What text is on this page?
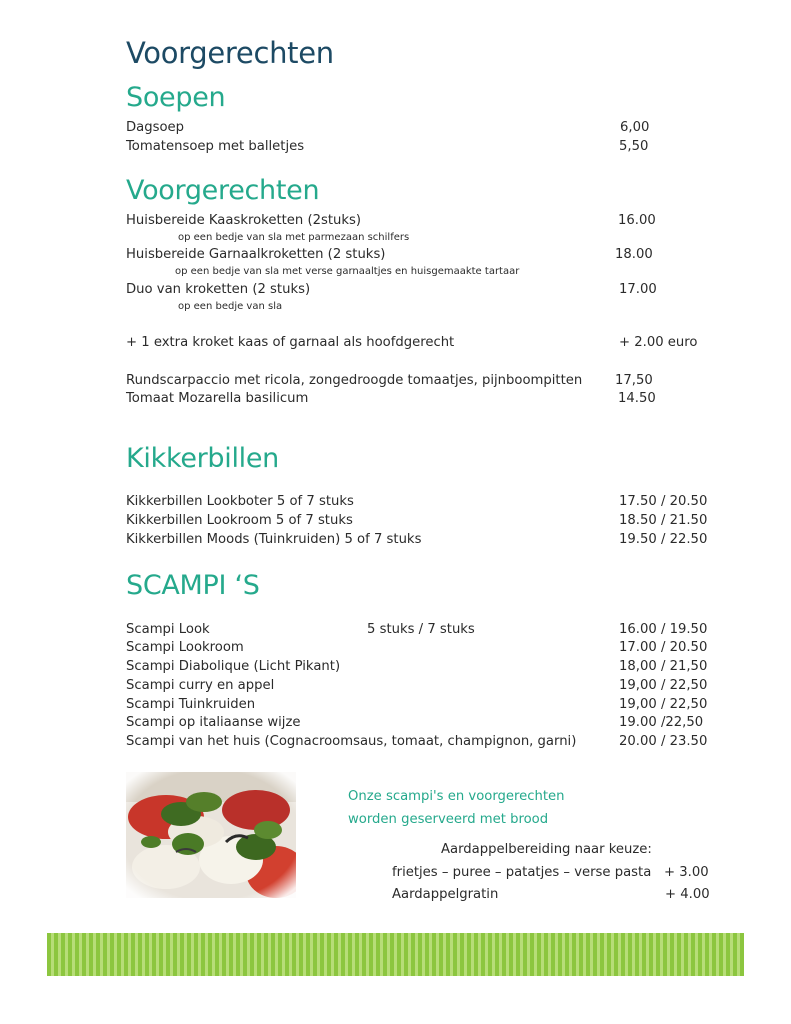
Voorgerechten
Soepen
Dagsoep	6,00
Tomatensoep met balletjes	5,50
Voorgerechten
Huisbereide Kaaskroketten (2stuks)	16.00
op een bedje van sla met parmezaan schilfers
Huisbereide Garnaalkroketten (2 stuks)	18.00
op een bedje van sla met verse garnaaltjes en huisgemaakte tartaar
Duo van kroketten (2 stuks)	17.00
op een bedje van sla
+ 1 extra kroket kaas of garnaal als hoofdgerecht	+ 2.00 euro
Rundscarpaccio met ricola, zongedroogde tomaatjes, pijnboompitten 17,50
Tomaat Mozarella basilicum	14.50
Kikkerbillen
Kikkerbillen Lookboter 5 of 7 stuks	17.50 / 20.50
Kikkerbillen Lookroom 5 of 7 stuks	18.50 / 21.50
Kikkerbillen Moods (Tuinkruiden) 5 of 7 stuks	19.50 / 22.50
SCAMPI ‘S
Scampi Look	5 stuks / 7 stuks	16.00 / 19.50
Scampi Lookroom	17.00 / 20.50
Scampi Diabolique (Licht Pikant)	18,00 / 21,50
Scampi curry en appel	19,00 / 22,50
Scampi Tuinkruiden	19,00 / 22,50
Scampi op italiaanse wijze	19.00 /22,50
Scampi van het huis (Cognacroomsaus, tomaat, champignon, garni)	20.00 / 23.50
Onze scampi's en voorgerechten
worden geserveerd met brood
Aardappelbereiding naar keuze:
frietjes – puree – patatjes – verse pasta + 3.00
Aardappelgratin	+ 4.00
